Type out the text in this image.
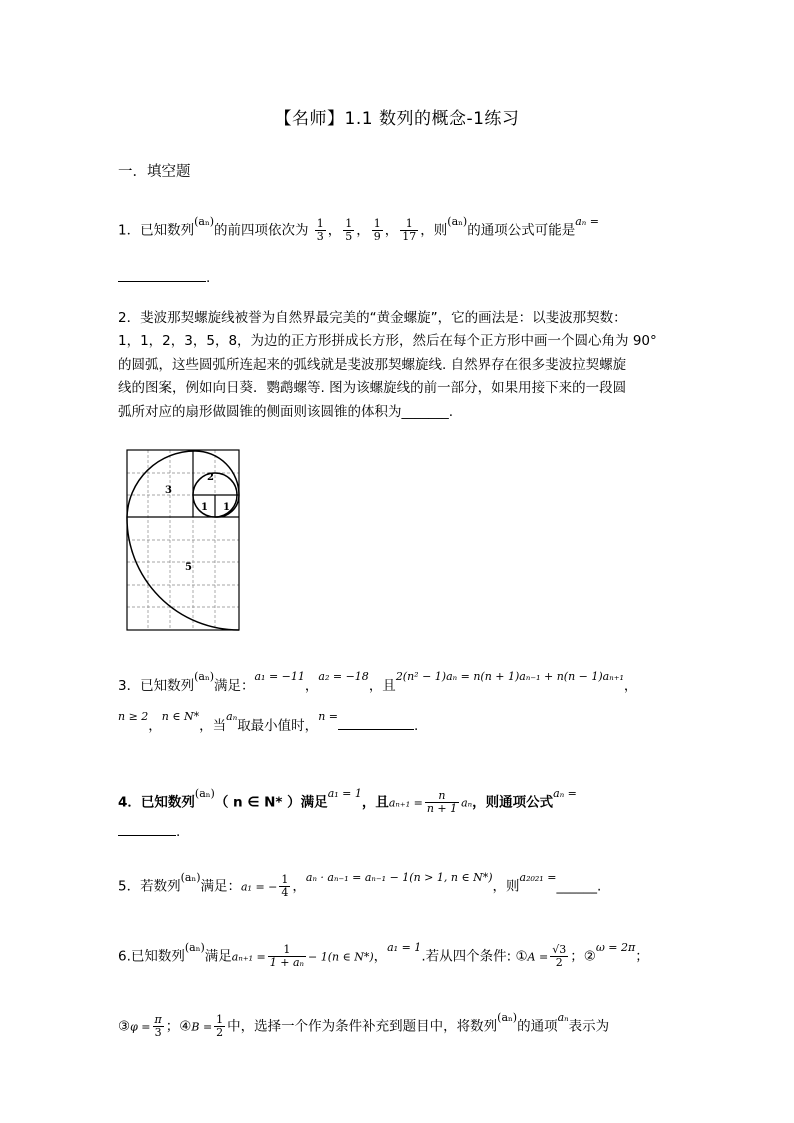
【名师】1.1 数列的概念-1练习
一．填空题
1．已知数列$^{(a_n)}$的前四项依次为 $\frac{1}{3}$ ， $\frac{1}{5}$ ， $\frac{1}{9}$ ， $\frac{1}{17}$ ，则$^{(a_n)}$的通项公式可能是$^{a_n =}$
.
2．斐波那契螺旋线被誉为自然界最完美的“黄金螺旋”，它的画法是：以斐波那契数：
1，1，2，3，5，8，为边的正方形拼成长方形，然后在每个正方形中画一个圆心角为 90°
的圆弧，这些圆弧所连起来的弧线就是斐波那契螺旋线. 自然界存在很多斐波拉契螺旋
线的图案，例如向日葵．鹦鹉螺等. 图为该螺旋线的前一部分，如果用接下来的一段圆
弧所对应的扇形做圆锥的侧面则该圆锥的体积为_______.
2
3
1 1
5
3．已知数列$^{(a_n)}$满足：$^{a_1 = -11}$，$^{a_2 = -18}$，且$^{2(n^2 - 1)a_n = n(n + 1)a_{n-1} + n(n - 1)a_{n+1}}$，
$^{n \ge 2}$，$^{n \in N*}$，当$^{a_n}$取最小值时，$^{n =}$.
4．已知数列$^{(a_n)}$（ n ∈ N* ）满足$^{a_1 = 1}$，且$a_{n+1} = \frac{n}{n + 1}$ aₙ，则通项公式$^{a_n =}$
.
5．若数列$^{(a_n)}$满足：a₁ = − $\frac{1}{4}$ ，$^{a_n \cdot a_{n-1} = a_{n-1} - 1(n > 1, n \in N*)}$，则$^{a_{2021} =}$______.
6.已知数列$^{(a_n)}$满足$a_{n+1} = \frac{1}{\text{1 + aₙ}} - 1(n$ ∈ N*)，$^{a_1 = 1}$.若从四个条件: ①A = $\frac{√3}{2}$ ；②$^{\omega = 2\pi}$；
③φ = $\frac{\pi}{3}$ ；④B = $\frac{1}{2}$ 中，选择一个作为条件补充到题目中，将数列$^{(a_n)}$的通项$^{a_n}$表示为
